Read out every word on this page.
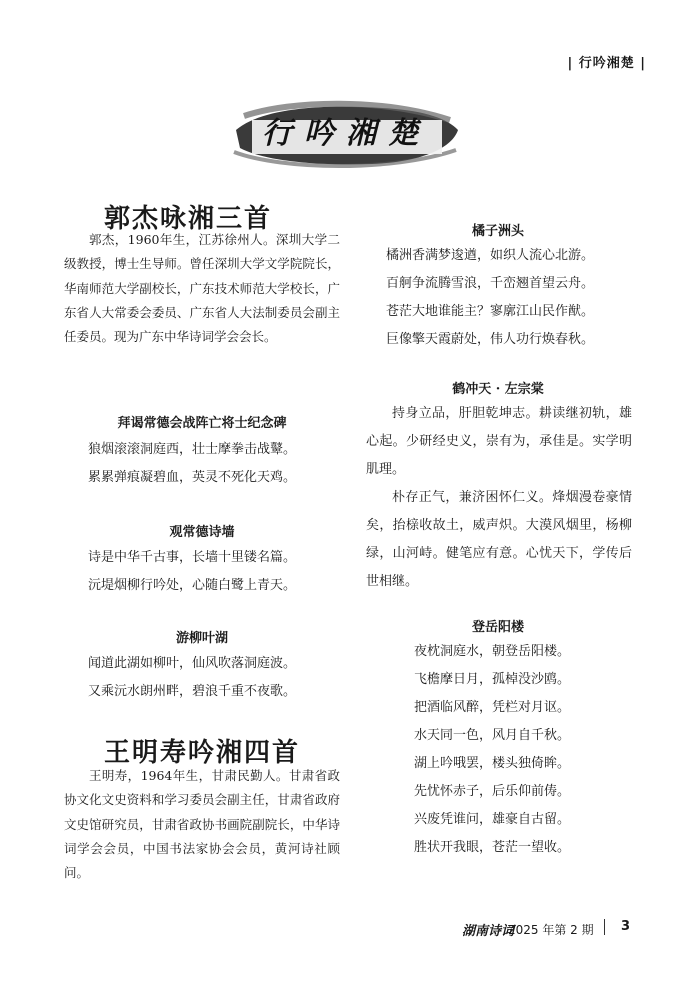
| 行吟湘楚 |
行吟湘楚
郭杰咏湘三首
郭杰，1960年生，江苏徐州人。深圳大学二级教授，博士生导师。曾任深圳大学文学院院长，华南师范大学副校长，广东技术师范大学校长，广东省人大常委会委员、广东省人大法制委员会副主任委员。现为广东中华诗词学会会长。
拜谒常德会战阵亡将士纪念碑
狼烟滚滚洞庭西，壮士摩拳击战鼙。
累累弹痕凝碧血，英灵不死化天鸡。
观常德诗墙
诗是中华千古事，长墙十里镂名篇。
沅堤烟柳行吟处，心随白鹭上青天。
游柳叶湖
闻道此湖如柳叶，仙风吹落洞庭波。
又乘沅水朗州畔，碧浪千重不夜歌。
王明寿吟湘四首
王明寿，1964年生，甘肃民勤人。甘肃省政协文化文史资料和学习委员会副主任，甘肃省政府文史馆研究员，甘肃省政协书画院副院长，中华诗词学会会员，中国书法家协会会员，黄河诗社顾问。
橘子洲头
橘洲香满梦逡遒，如织人流心北游。
百舸争流腾雪浪，千峦翘首望云舟。
苍茫大地谁能主？寥廓江山民作猷。
巨像擎天霞蔚处，伟人功行焕春秋。
鹤冲天 · 左宗棠
持身立品，肝胆乾坤志。耕读继初轨，雄心起。少研经史义，崇有为，承佳是。实学明肌理。
朴存正气，兼济困怀仁义。烽烟漫卷豪情矣，抬榇收故土，威声炽。大漠风烟里，杨柳绿，山河峙。健笔应有意。心忧天下，学传后世相继。
登岳阳楼
夜枕洞庭水，朝登岳阳楼。
飞檐摩日月，孤棹没沙鸥。
把酒临风醉，凭栏对月讴。
水天同一色，风月自千秋。
湖上吟哦罢，楼头独倚眸。
先忧怀赤子，后乐仰前俦。
兴废凭谁问，雄豪自古留。
胜状开我眼，苍茫一望收。
湖南诗词
2025 年第 2 期 3
